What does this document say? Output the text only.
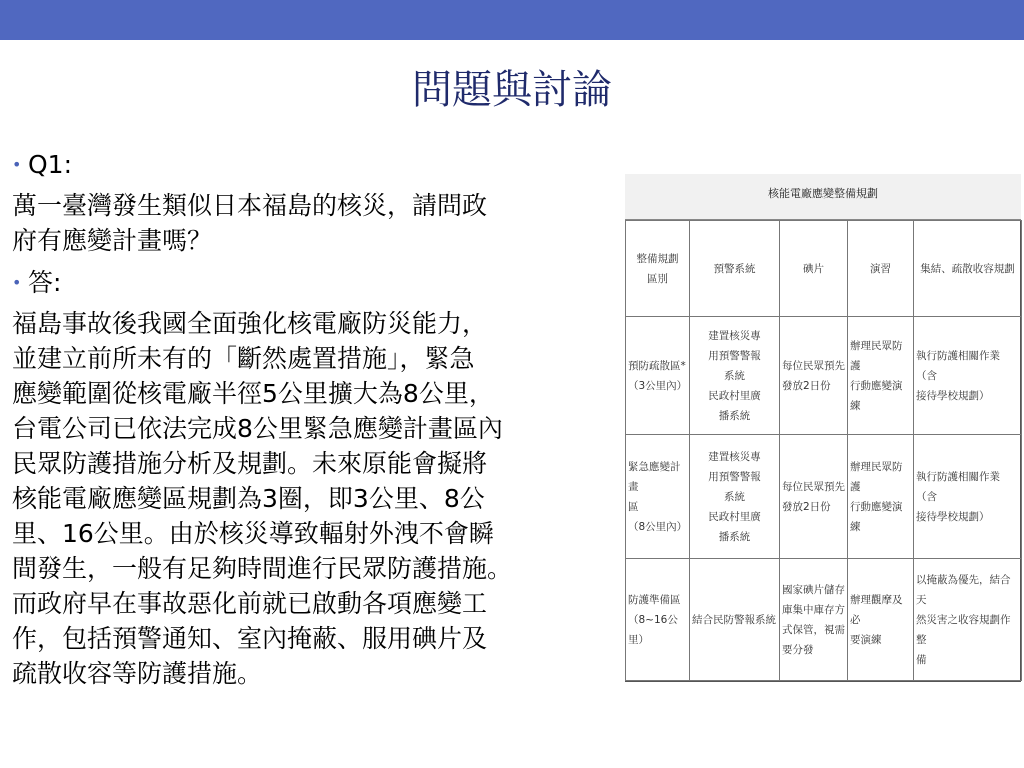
問題與討論
• Q1:

萬一臺灣發生類似日本福島的核災，請問政

府有應變計畫嗎？

• 答:

福島事故後我國全面強化核電廠防災能力，

並建立前所未有的「斷然處置措施」，緊急

應變範圍從核電廠半徑5公里擴大為8公里，

台電公司已依法完成8公里緊急應變計畫區內

民眾防護措施分析及規劃。未來原能會擬將

核能電廠應變區規劃為3圈，即3公里、8公

里、16公里。由於核災導致輻射外洩不會瞬

間發生，一般有足夠時間進行民眾防護措施。

而政府早在事故惡化前就已啟動各項應變工

作，包括預警通知、室內掩蔽、服用碘片及

疏散收容等防護措施。

核能電廠應變整備規劃
整備規劃
區別	預警系統	碘片	演習	集結、疏散收容規劃

預防疏散區*
（3公里內）	建置核災專
用預警警報
系統
民政村里廣
播系統	每位民眾預先
發放2日份	辦理民眾防護
行動應變演練	執行防護相關作業（含
接待學校規劃）

緊急應變計畫
區
（8公里內）	建置核災專
用預警警報
系統
民政村里廣
播系統	每位民眾預先
發放2日份	辦理民眾防護
行動應變演練	執行防護相關作業（含
接待學校規劃）

防護準備區
（8~16公
里）	結合民防警報系統	國家碘片儲存
庫集中庫存方
式保管，視需
要分發	辦理觀摩及必
要演練	以掩蔽為優先，結合天
然災害之收容規劃作整
備
